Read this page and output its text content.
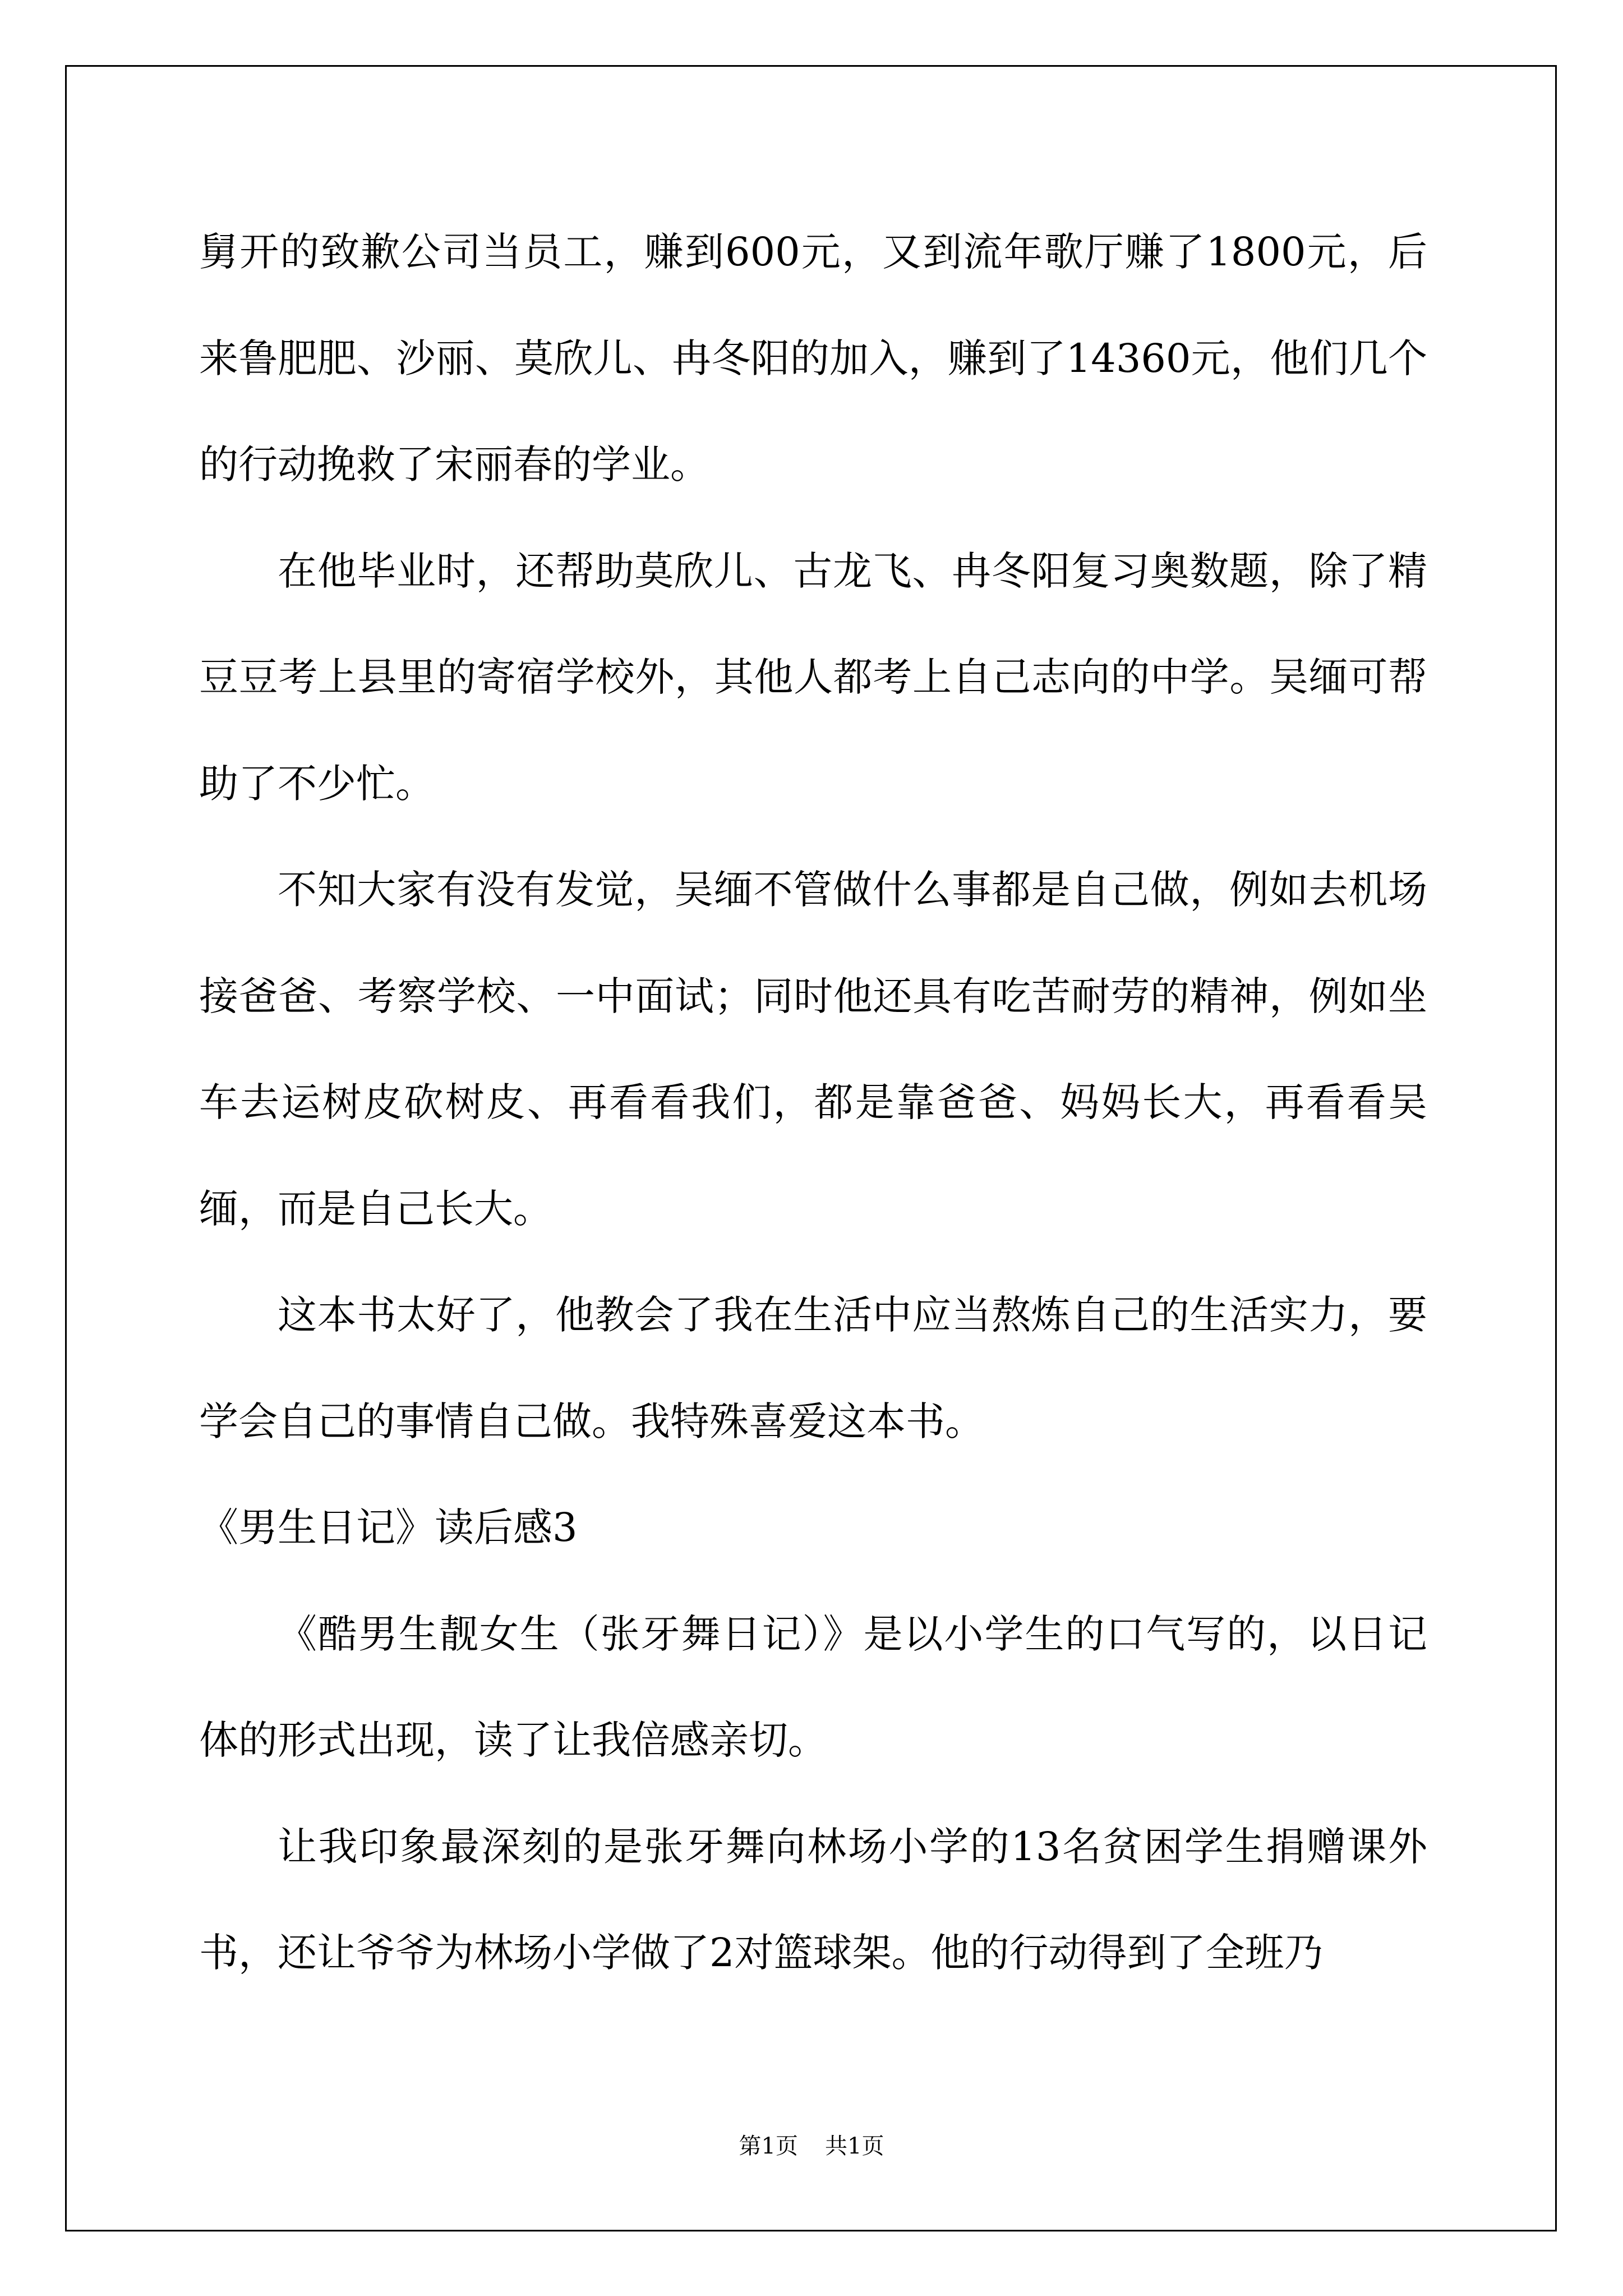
舅开的致歉公司当员工，赚到600元，又到流年歌厅赚了1800元，后来鲁肥肥、沙丽、莫欣儿、冉冬阳的加入，赚到了14360元，他们几个的行动挽救了宋丽春的学业。

在他毕业时，还帮助莫欣儿、古龙飞、冉冬阳复习奥数题，除了精豆豆考上县里的寄宿学校外，其他人都考上自己志向的中学。吴缅可帮助了不少忙。

不知大家有没有发觉，吴缅不管做什么事都是自己做，例如去机场接爸爸、考察学校、一中面试；同时他还具有吃苦耐劳的精神，例如坐车去运树皮砍树皮、再看看我们，都是靠爸爸、妈妈长大，再看看吴缅，而是自己长大。

这本书太好了，他教会了我在生活中应当熬炼自己的生活实力，要学会自己的事情自己做。我特殊喜爱这本书。

《男生日记》读后感3

《酷男生靓女生（张牙舞日记）》是以小学生的口气写的，以日记体的形式出现，读了让我倍感亲切。

让我印象最深刻的是张牙舞向林场小学的13名贫困学生捐赠课外书，还让爷爷为林场小学做了2对篮球架。他的行动得到了全班乃

第1页 共1页
